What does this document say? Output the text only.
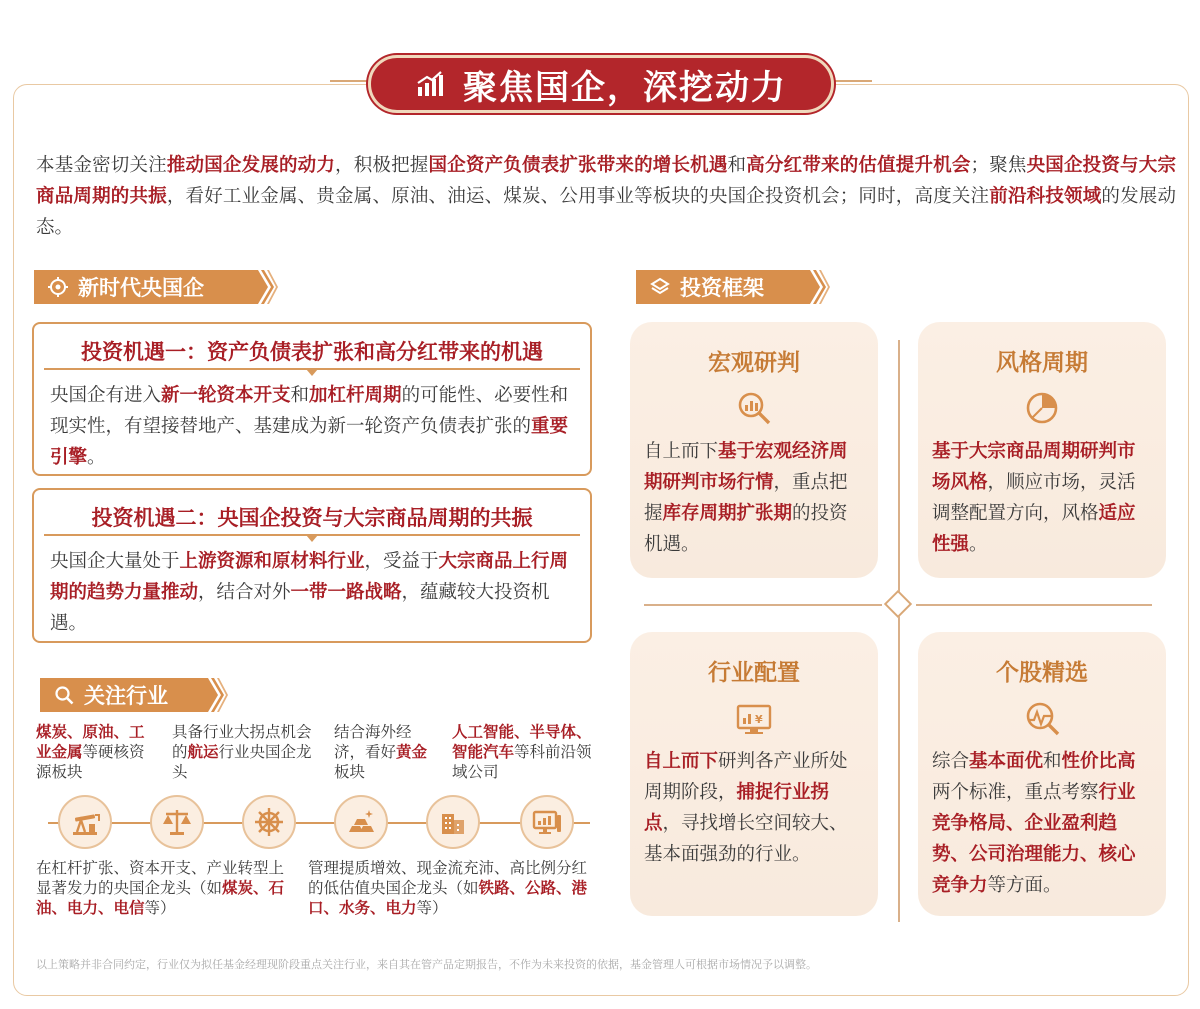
聚焦国企，深挖动力

本基金密切关注推动国企发展的动力，积极把握国企资产负债表扩张带来的增长机遇和高分红带来的估值提升机会；聚焦央国企投资与大宗商品周期的共振，看好工业金属、贵金属、原油、油运、煤炭、公用事业等板块的央国企投资机会；同时，高度关注前沿科技领域的发展动态。

新时代央国企
投资机遇一：资产负债表扩张和高分红带来的机遇
央国企有进入新一轮资本开支和加杠杆周期的可能性、必要性和现实性，有望接替地产、基建成为新一轮资产负债表扩张的重要引擎。
投资机遇二：央国企投资与大宗商品周期的共振
央国企大量处于上游资源和原材料行业，受益于大宗商品上行周期的趋势力量推动，结合对外一带一路战略，蕴藏较大投资机遇。
关注行业
煤炭、原油、工业金属等硬核资源板块
具备行业大拐点机会的航运行业央国企龙头
结合海外经济，看好黄金板块
人工智能、半导体、智能汽车等科前沿领域公司
在杠杆扩张、资本开支、产业转型上显著发力的央国企龙头（如煤炭、石油、电力、电信等）
管理提质增效、现金流充沛、高比例分红的低估值央国企龙头（如铁路、公路、港口、水务、电力等）
投资框架
宏观研判
自上而下基于宏观经济周期研判市场行情，重点把握库存周期扩张期的投资机遇。
风格周期
基于大宗商品周期研判市场风格，顺应市场，灵活调整配置方向，风格适应性强。
行业配置
¥
自上而下研判各产业所处周期阶段，捕捉行业拐点，寻找增长空间较大、基本面强劲的行业。
个股精选
综合基本面优和性价比高两个标准，重点考察行业竞争格局、企业盈利趋势、公司治理能力、核心竞争力等方面。
以上策略并非合同约定，行业仅为拟任基金经理现阶段重点关注行业，来自其在管产品定期报告，不作为未来投资的依据，基金管理人可根据市场情况予以调整。
